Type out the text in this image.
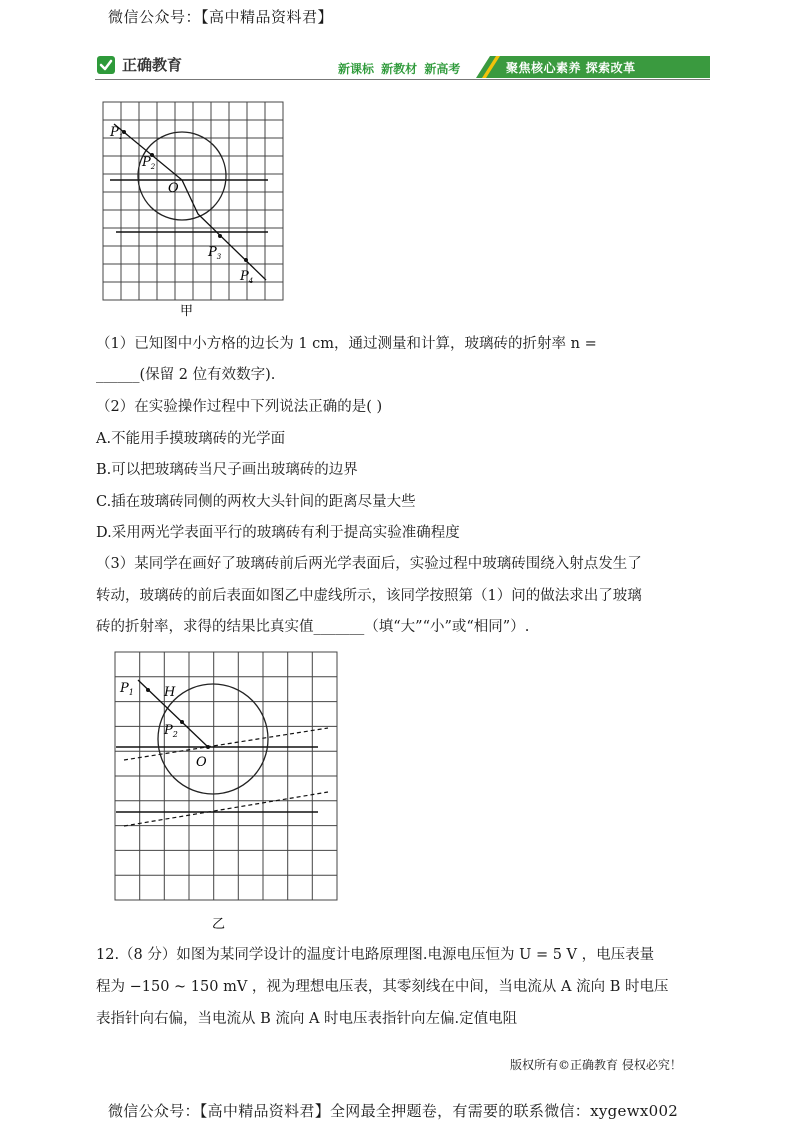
微信公众号：【高中精品资料君】
正确教育	新课标 新教材 新高考	聚焦核心素养 探索改革
$P_1$
$P_2$
O
$P_3$
$P_4$
甲
（1）已知图中小方格的边长为 1 cm，通过测量和计算，玻璃砖的折射率 n =
______(保留 2 位有效数字).
（2）在实验操作过程中下列说法正确的是( )
A.不能用手摸玻璃砖的光学面
B.可以把玻璃砖当尺子画出玻璃砖的边界
C.插在玻璃砖同侧的两枚大头针间的距离尽量大些
D.采用两光学表面平行的玻璃砖有利于提高实验准确程度
（3）某同学在画好了玻璃砖前后两光学表面后，实验过程中玻璃砖围绕入射点发生了
转动，玻璃砖的前后表面如图乙中虚线所示，该同学按照第（1）问的做法求出了玻璃
砖的折射率，求得的结果比真实值_______（填“大”“小”或“相同”）.
$P_1$ H
$P_2$
O
乙
12.（8 分）如图为某同学设计的温度计电路原理图.电源电压恒为 U = 5 V ，电压表量
程为 −150 ~ 150 mV ，视为理想电压表，其零刻线在中间，当电流从 A 流向 B 时电压
表指针向右偏，当电流从 B 流向 A 时电压表指针向左偏.定值电阻
版权所有©正确教育 侵权必究！
微信公众号：【高中精品资料君】全网最全押题卷，有需要的联系微信：xygewx002
